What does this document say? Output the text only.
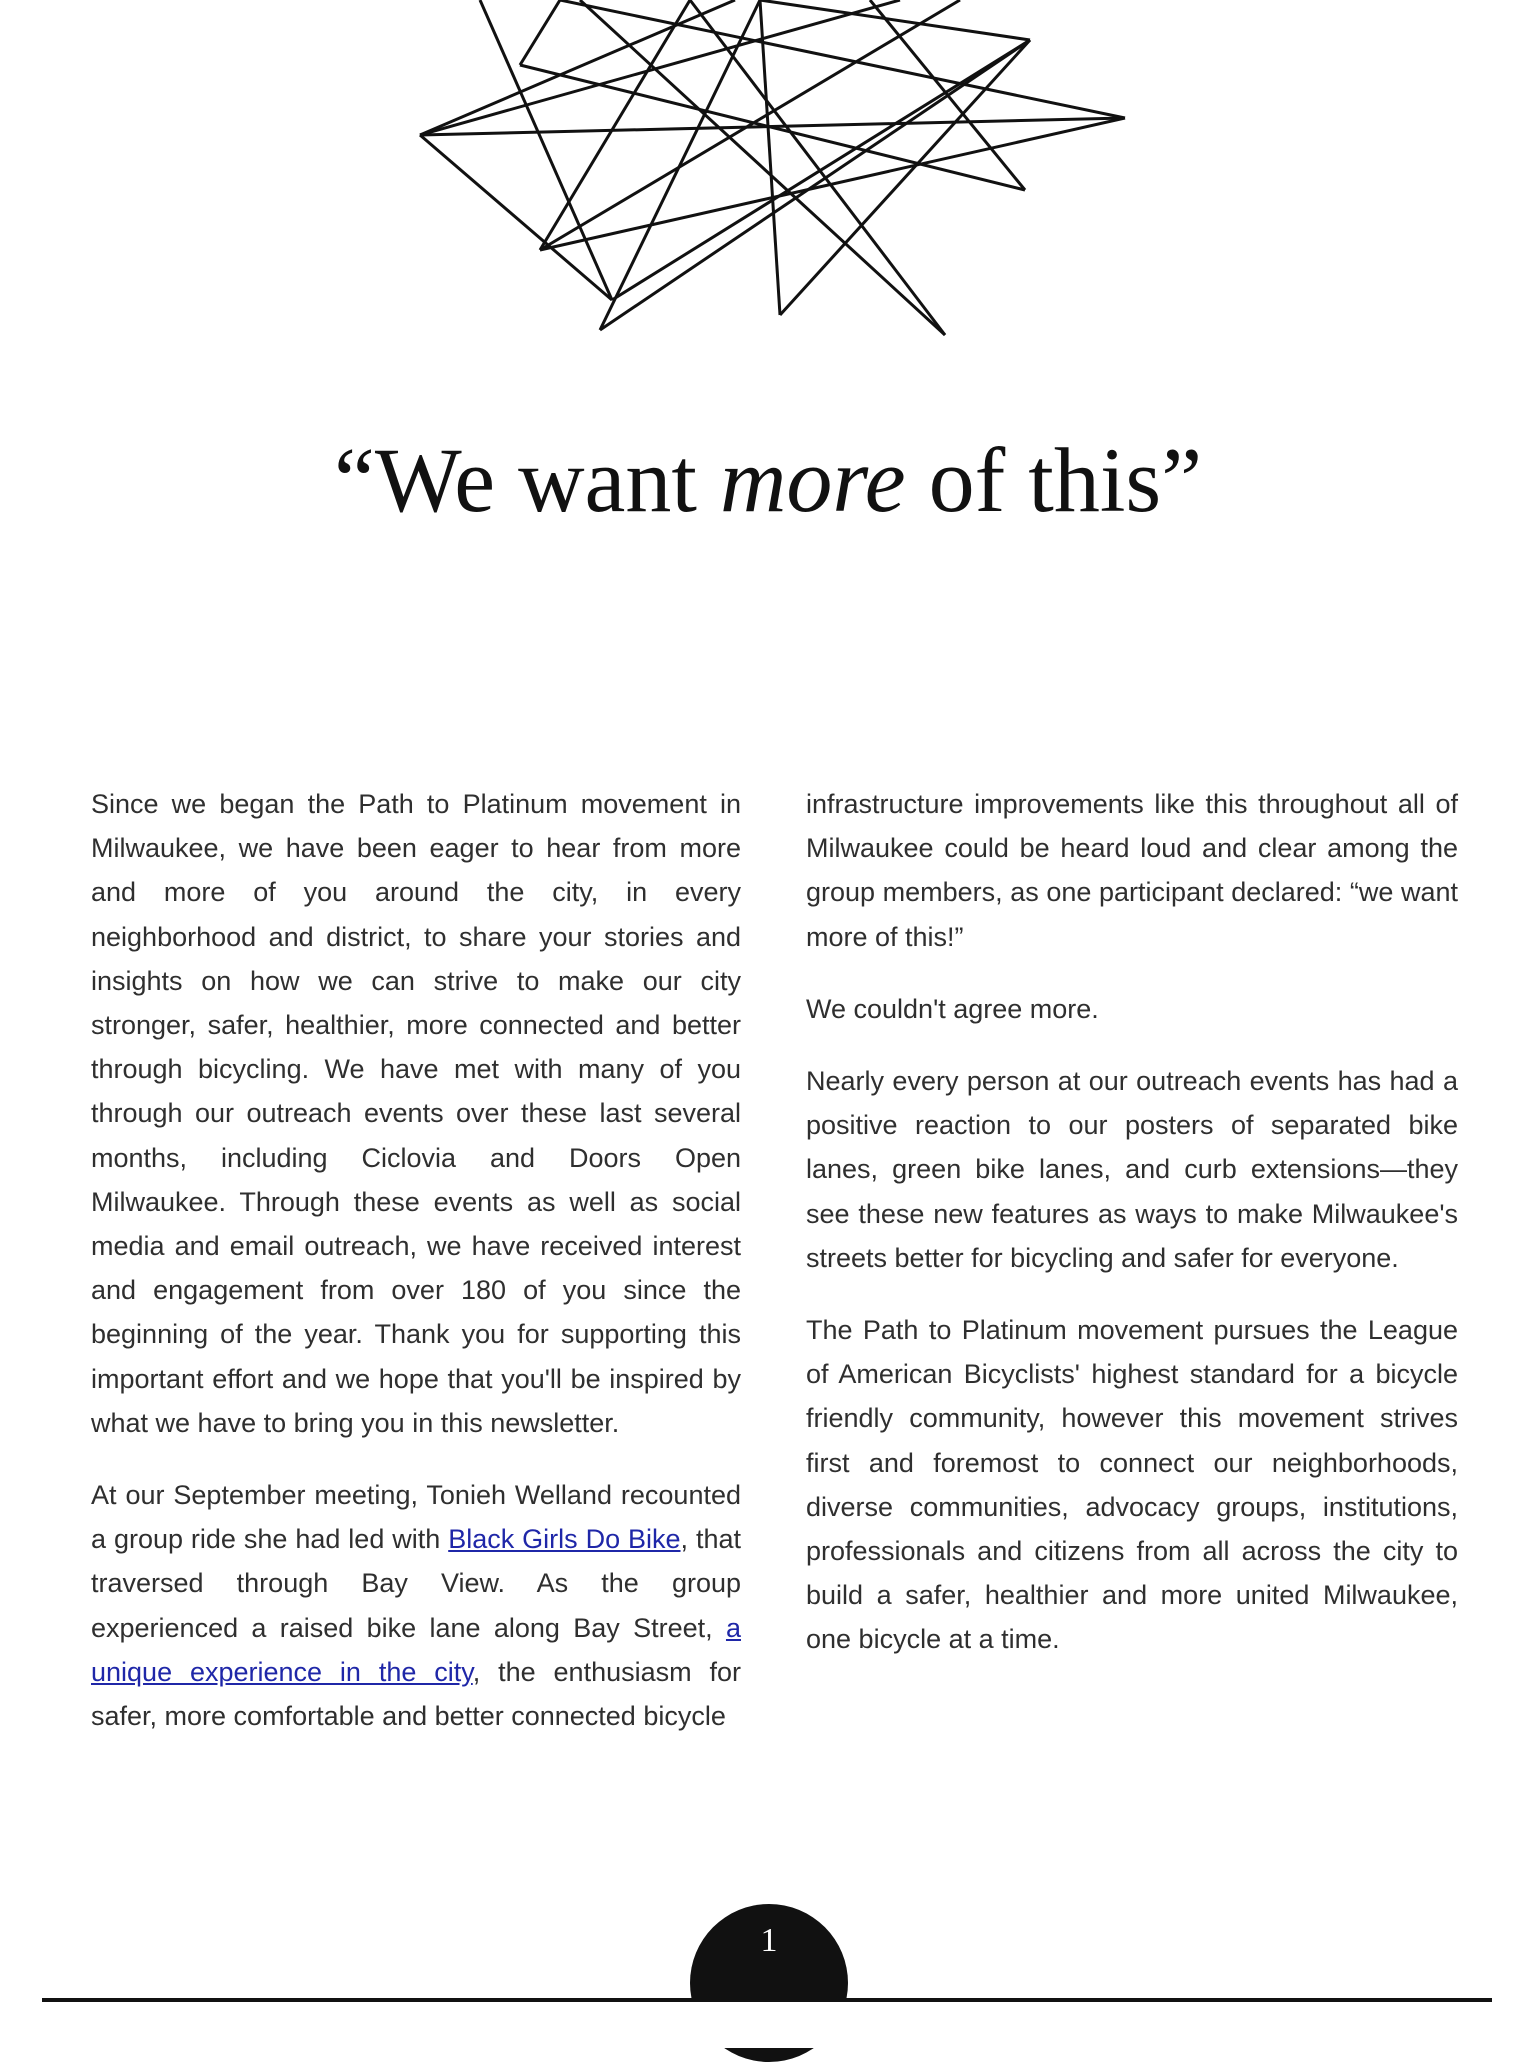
“We want more of this”

Since we began the Path to Platinum movement in Milwaukee, we have been eager to hear from more and more of you around the city, in every neighborhood and district, to share your stories and insights on how we can strive to make our city stronger, safer, healthier, more connected and better through bicycling. We have met with many of you through our outreach events over these last several months, including Ciclovia and Doors Open Milwaukee. Through these events as well as social media and email outreach, we have received interest and engagement from over 180 of you since the beginning of the year. Thank you for supporting this important effort and we hope that you'll be inspired by what we have to bring you in this newsletter.

At our September meeting, Tonieh Welland recounted a group ride she had led with Black Girls Do Bike, that traversed through Bay View. As the group experienced a raised bike lane along Bay Street, a unique experience in the city, the enthusiasm for safer, more comfortable and better connected bicycle

infrastructure improvements like this throughout all of Milwaukee could be heard loud and clear among the group members, as one participant declared: “we want more of this!”

We couldn't agree more.

Nearly every person at our outreach events has had a positive reaction to our posters of separated bike lanes, green bike lanes, and curb extensions—they see these new features as ways to make Milwaukee's streets better for bicycling and safer for everyone.

The Path to Platinum movement pursues the League of American Bicyclists' highest standard for a bicycle friendly community, however this movement strives first and foremost to connect our neighborhoods, diverse communities, advocacy groups, institutions, professionals and citizens from all across the city to build a safer, healthier and more united Milwaukee, one bicycle at a time.

1
